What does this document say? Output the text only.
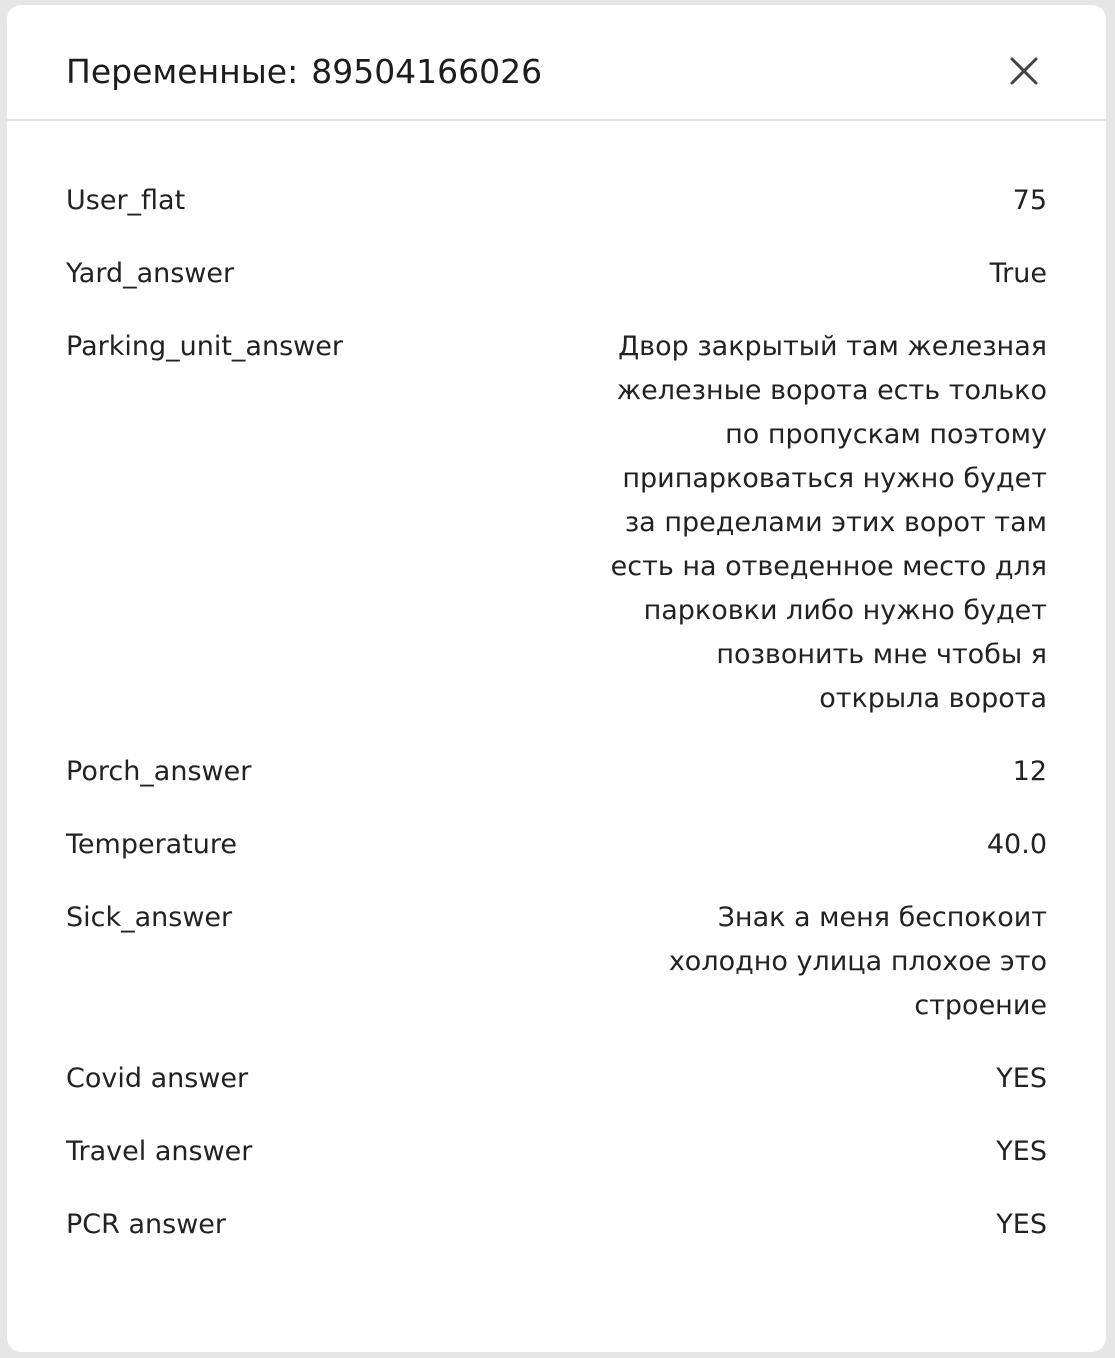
Переменные: 89504166026
User_flat	75
Yard_answer	True
Parking_unit_answer	Двор закрытый там железная железные ворота есть только по пропускам поэтому припарковаться нужно будет за пределами этих ворот там есть на отведенное место для парковки либо нужно будет позвонить мне чтобы я открыла ворота
Porch_answer	12
Temperature	40.0
Sick_answer	Знак а меня беспокоит холодно улица плохое это строение
Covid answer	YES
Travel answer	YES
PCR answer	YES
